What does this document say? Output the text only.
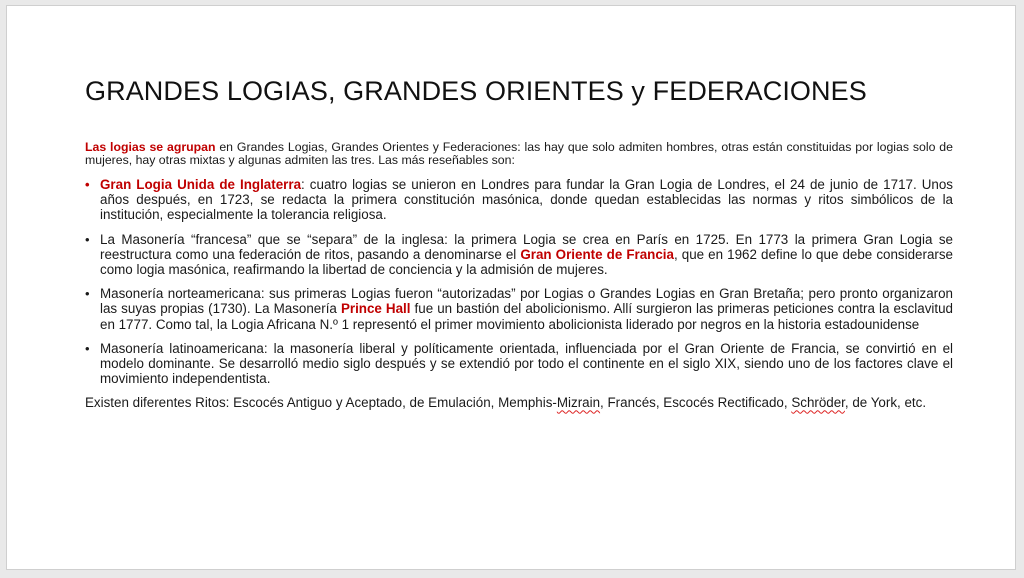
GRANDES LOGIAS, GRANDES ORIENTES y FEDERACIONES

Las logias se agrupan en Grandes Logias, Grandes Orientes y Federaciones: las hay que solo admiten hombres, otras están constituidas por logias solo de mujeres, hay otras mixtas y algunas admiten las tres. Las más reseñables son:

• Gran Logia Unida de Inglaterra: cuatro logias se unieron en Londres para fundar la Gran Logia de Londres, el 24 de junio de 1717. Unos años después, en 1723, se redacta la primera constitución masónica, donde quedan establecidas las normas y ritos simbólicos de la institución, especialmente la tolerancia religiosa.
• La Masonería “francesa” que se “separa” de la inglesa: la primera Logia se crea en París en 1725. En 1773 la primera Gran Logia se reestructura como una federación de ritos, pasando a denominarse el Gran Oriente de Francia, que en 1962 define lo que debe considerarse como logia masónica, reafirmando la libertad de conciencia y la admisión de mujeres.
• Masonería norteamericana: sus primeras Logias fueron “autorizadas” por Logias o Grandes Logias en Gran Bretaña; pero pronto organizaron las suyas propias (1730). La Masonería Prince Hall fue un bastión del abolicionismo. Allí surgieron las primeras peticiones contra la esclavitud en 1777. Como tal, la Logia Africana N.º 1 representó el primer movimiento abolicionista liderado por negros en la historia estadounidense
• Masonería latinoamericana: la masonería liberal y políticamente orientada, influenciada por el Gran Oriente de Francia, se convirtió en el modelo dominante. Se desarrolló medio siglo después y se extendió por todo el continente en el siglo XIX, siendo uno de los factores clave el movimiento independentista.

Existen diferentes Ritos: Escocés Antiguo y Aceptado, de Emulación, Memphis-Mizrain, Francés, Escocés Rectificado, Schröder, de York, etc.
